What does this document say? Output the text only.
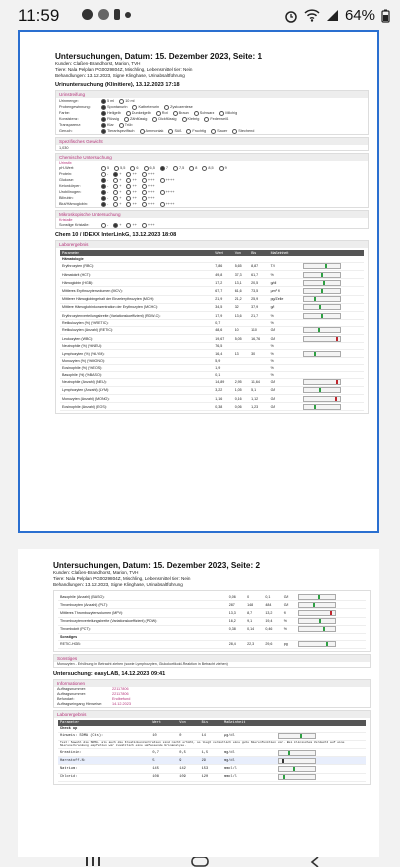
11:59	64%
Untersuchungen, Datum: 15. Dezember 2023, Seite: 1
Kunden: Claßen-Brandhorst, Marion, TVH
Tiere: Nala Pelplan PG0029804Z, Mischling, Lebensmittel tier: Nein
Behandlungen: 13.12.2023, Signe Klinghase, Urinabsaltführung
Urinuntersuchung (Klinitiere), 13.12.2023 17:18
Urinstreifung
Urinmenge:	5 ml	10 ml
Probengewinnung:	Spontanurin	Katheterurin	Zystozentese
Farbe:	Hellgelb	Dunkelgelb	Rot	Braun	Schwarz	Milchig
Konsistenz:	Flüssig	Zähflüssig	Dickflüssig	Klebrig	Federweiß
Transparenz:	Klar	Trüb
Geruch:	Tierartspezifisch	Ammoniak	Süß	Fruchtig	Sauer	Stechend
Spezifisches Gewicht
1,030
Chemische Untersuchung
Urinstix
pH-Wert:	5	5,5	6	6,5	7	7,5	8	8,5	9
Protein:	-	+	++	+++
Glukose:	-	+	++	+++	++++
Ketonkörper:	-	+	++	+++
Urobilinogen:	-	+	++	+++	++++
Bilirubin:	-	+	++	+++
Blut/Hämoglobin:	-	+	++	+++	++++
Mikroskopische Untersuchung
Kristalle
Sonstige Kristalle:	-	+	++	+++
Chem 10 / IDEXX InterLinkG, 13.12.2023 18:08
Laborergebnis
Parameter	Wert	Von	Bis	Maßeinheit	
Hämatologie					
Erythrozyten (RBC):	7,86	5,65	8,87	T/l	

Hämatokrit (HCT):	49,8	37,3	61,7	%	

Hämoglobin (HGB):	17,2	13,1	20,5	g/dl	

Mittleres Erythrozytenvolumen (MCV):	67,7	61,6	73,5	µm³ fl	

Mittlerer Hämoglobingehalt der Einzelerythrozyten (MCH):	21,9	21,2	25,9	pg/Zelle	

Mittlere Hämoglobinkonzentration der Erythrozyten (MCHC):	34,5	32	37,9	g/l	

Erythrozytenverteilungsbreite (Variationskoeffizient) (RDW-C):	17,9	13,6	21,7	%	

Retikulozyten (%) (%RETIC):	0,7			%	
Retikulozyten (Anzahl) (RETIC):	48,6	10	110	G/l	

Leukozyten (WBC):	19,67	5,05	16,76	G/l	

Neutrophile (%) (%NEU):	76,5			%	
Lymphozyten (%) (%LYM):	16,4	13	30	%	

Monozyten (%) (%MONO):	5,9			%	
Eosinophile (%) (%EOS):	1,9			%	
Basophile (%) (%BASO):	0,1			%	
Neutrophile (Anzahl) (NEU):	14,89	2,95	11,64	G/l	

Lymphozyten (Anzahl) (LYM):	3,22	1,05	5,1	G/l	

Monozyten (Anzahl) (MONO):	1,16	0,16	1,12	G/l	

Eosinophile (Anzahl) (EOS):	0,38	0,06	1,23	G/l	
Untersuchungen, Datum: 15. Dezember 2023, Seite: 2
Kunden: Claßen-Brandhorst, Marion, TVH
Tiere: Nala Pelplan PG0029804Z, Mischling, Lebensmittel tier: Nein
Behandlungen: 13.12.2023, Signe Klinghase, Urinabsaltführung
Basophile (Anzahl) (BASO):	0,06	0	0,1	G/l	

Thrombozyten (Anzahl) (PLT):	287	148	484	G/l	

Mittleres Thrombozytenvolumen (MPV):	13,3	8,7	13,2	fl	

Thrombozytenverteilungsbreite (Variationskoeffizient) (PDW):	16,2	9,1	19,4	%	

Thrombokrit (PCT):	0,38	0,14	0,46	%	

Sonstiges					
RETIC-HGB:	28,4	22,3	29,6	pg	
Sonstiges
Monozyten - Erhöhung in Betracht ziehen (sowie Lymphozyten, Glukokortikoid-Reaktion in Betracht ziehen)
Untersuchung: easyLAB, 14.12.2023 09:41
Informationen
Auftragsnummer:	22117806
Auftragsnummer:	22117806
Befundart:	Endbefund
Auftragseingang Hinweise:	14.12.2023
Laborergebnis
Parameter	Wert	Von	Bis	Maßeinheit	
Check up					
Hinweis: SDMA (Cts):	10	0	14	µg/dl	

Test: Sowohl die SDMA- als auch die Kreatinkonzentration sind nicht erhöht, so liegt vermutlich eine gute Nierenfunktion vor. Bei klinischem Verdacht auf eine Nierenerkrankung empfehlen wir zusätzlich eine umfassende Urinanalyse.					
Kreatinin:	0,7	0,5	1,5	mg/dl	

Harnstoff-N:	5	9	29	mg/dl	

Natrium:	145	142	153	mmol/l	

Chlorid:	108	109	120	mmol/l	
